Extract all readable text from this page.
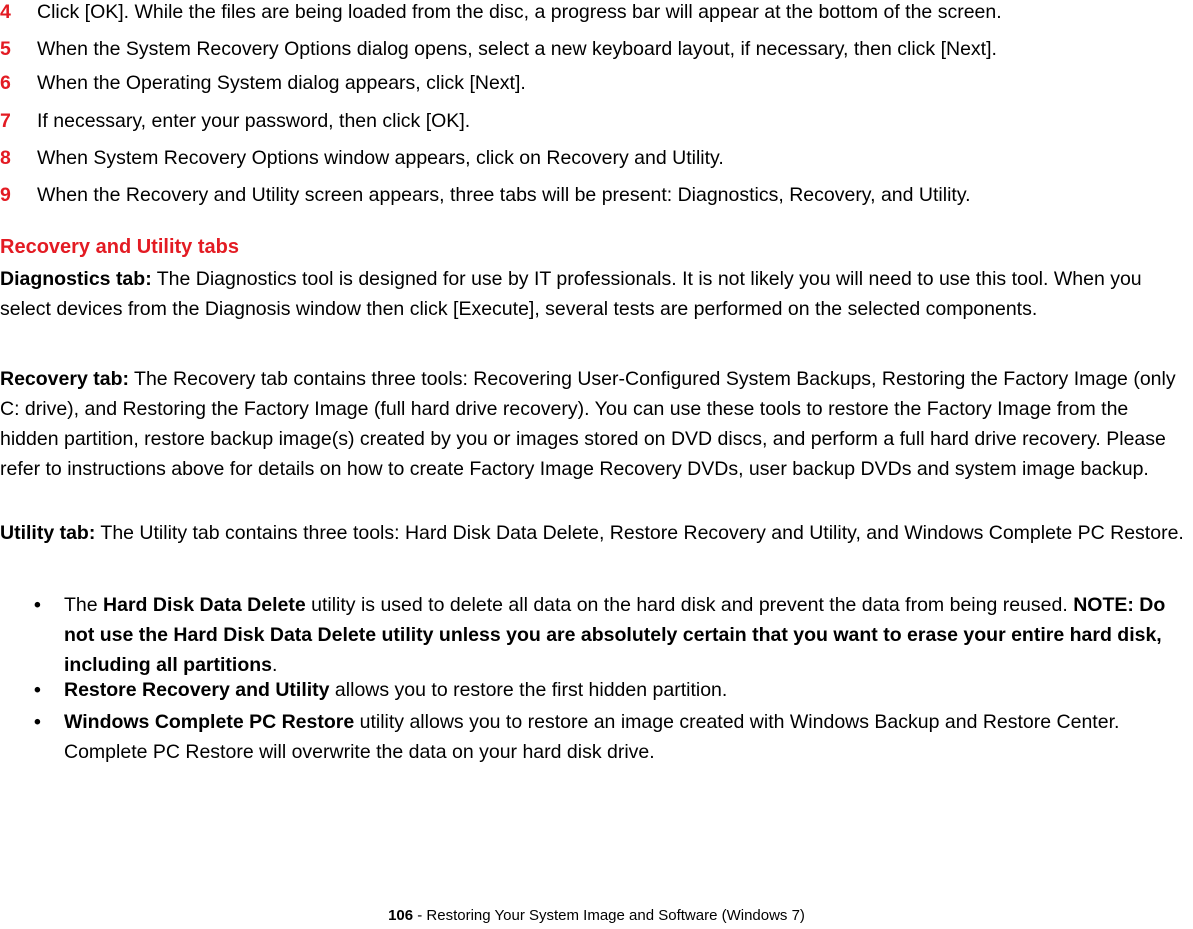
4	Click [OK]. While the files are being loaded from the disc, a progress bar will appear at the bottom of the screen.
5	When the System Recovery Options dialog opens, select a new keyboard layout, if necessary, then click [Next].
6	When the Operating System dialog appears, click [Next].
7	If necessary, enter your password, then click [OK].
8	When System Recovery Options window appears, click on Recovery and Utility.
9	When the Recovery and Utility screen appears, three tabs will be present: Diagnostics, Recovery, and Utility.
Recovery and Utility tabs
Diagnostics tab: The Diagnostics tool is designed for use by IT professionals. It is not likely you will need to use this tool. When you select devices from the Diagnosis window then click [Execute], several tests are performed on the selected components.
Recovery tab: The Recovery tab contains three tools: Recovering User-Configured System Backups, Restoring the Factory Image (only C: drive), and Restoring the Factory Image (full hard drive recovery). You can use these tools to restore the Factory Image from the hidden partition, restore backup image(s) created by you or images stored on DVD discs, and perform a full hard drive recovery. Please refer to instructions above for details on how to create Factory Image Recovery DVDs, user backup DVDs and system image backup.
Utility tab: The Utility tab contains three tools: Hard Disk Data Delete, Restore Recovery and Utility, and Windows Complete PC Restore.
• The Hard Disk Data Delete utility is used to delete all data on the hard disk and prevent the data from being reused. NOTE: Do not use the Hard Disk Data Delete utility unless you are absolutely certain that you want to erase your entire hard disk, including all partitions.
• Restore Recovery and Utility allows you to restore the first hidden partition.
• Windows Complete PC Restore utility allows you to restore an image created with Windows Backup and Restore Center. Complete PC Restore will overwrite the data on your hard disk drive.
106 - Restoring Your System Image and Software (Windows 7)
